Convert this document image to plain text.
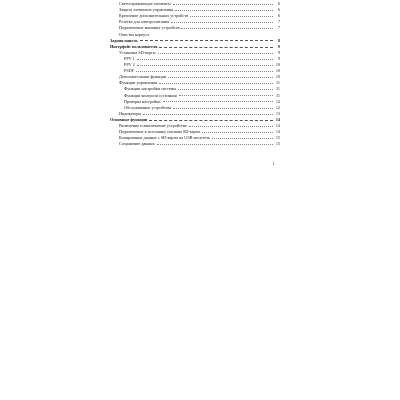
Светоотражающие элементы	6
Защита элементов управления	6
Крепление дополнительных устройств	6
Розетка для электропитания	7
Подключение внешних устройств	7
Очистка корпуса
Задняя панель	8
Интерфейс пользователя	9
Установка SD-карты	9
PPV 1	9
PPV 2	10
PSDF	10
Дополнительные функции	10
Функции управления	11
Функции настройки системы	11
Функции контроля состояния	11
Проверка настройки	12
Обслуживание устройства	12
Индикаторы	13
Основные функции	14
Включение и выключение устройства	14
Подключение к источнику питания SD-карты	14
Копирование данных с SD-карты на USB-носитель	15
Сохранение данных	15
i
